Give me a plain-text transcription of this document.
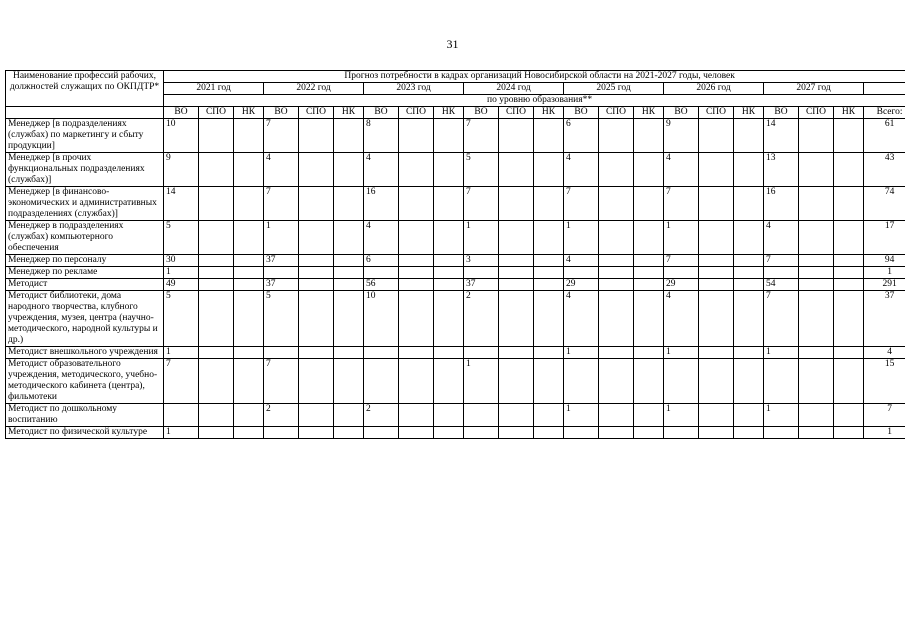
31
Наименование профессий рабочих, должностей служащих по ОКПДТР*	Прогноз потребности в кадрах организаций Новосибирской области на 2021-2027 годы, человек																					
	2021 год			2022 год			2023 год			2024 год			2025 год			2026 год			2027 год			
	по уровню образования**																					
	ВО	СПО	НК	ВО	СПО	НК	ВО	СПО	НК	ВО	СПО	НК	ВО	СПО	НК	ВО	СПО	НК	ВО	СПО	НК	Всего:
Менеджер [в подразделениях (службах) по маркетингу и сбыту продукции]	10			7			8			7			6			9			14			61
Менеджер [в прочих функциональных подразделениях (службах)]	9			4			4			5			4			4			13			43
Менеджер [в финансово-экономических и административных подразделениях (службах)]	14			7			16			7			7			7			16			74
Менеджер в подразделениях (службах) компьютерного обеспечения	5			1			4			1			1			1			4			17
Менеджер по персоналу	30			37			6			3			4			7			7			94
Менеджер по рекламе	1																					1
Методист	49			37			56			37			29			29			54			291
Методист библиотеки, дома народного творчества, клубного учреждения, музея, центра (научно-методического, народной культуры и др.)	5			5			10			2			4			4			7			37
Методист внешкольного учреждения	1												1			1			1			4
Методист образовательного учреждения, методического, учебно-методического кабинета (центра), фильмотеки	7			7						1												15
Методист по дошкольному воспитанию				2			2						1			1			1			7
Методист по физической культуре	1																					1
